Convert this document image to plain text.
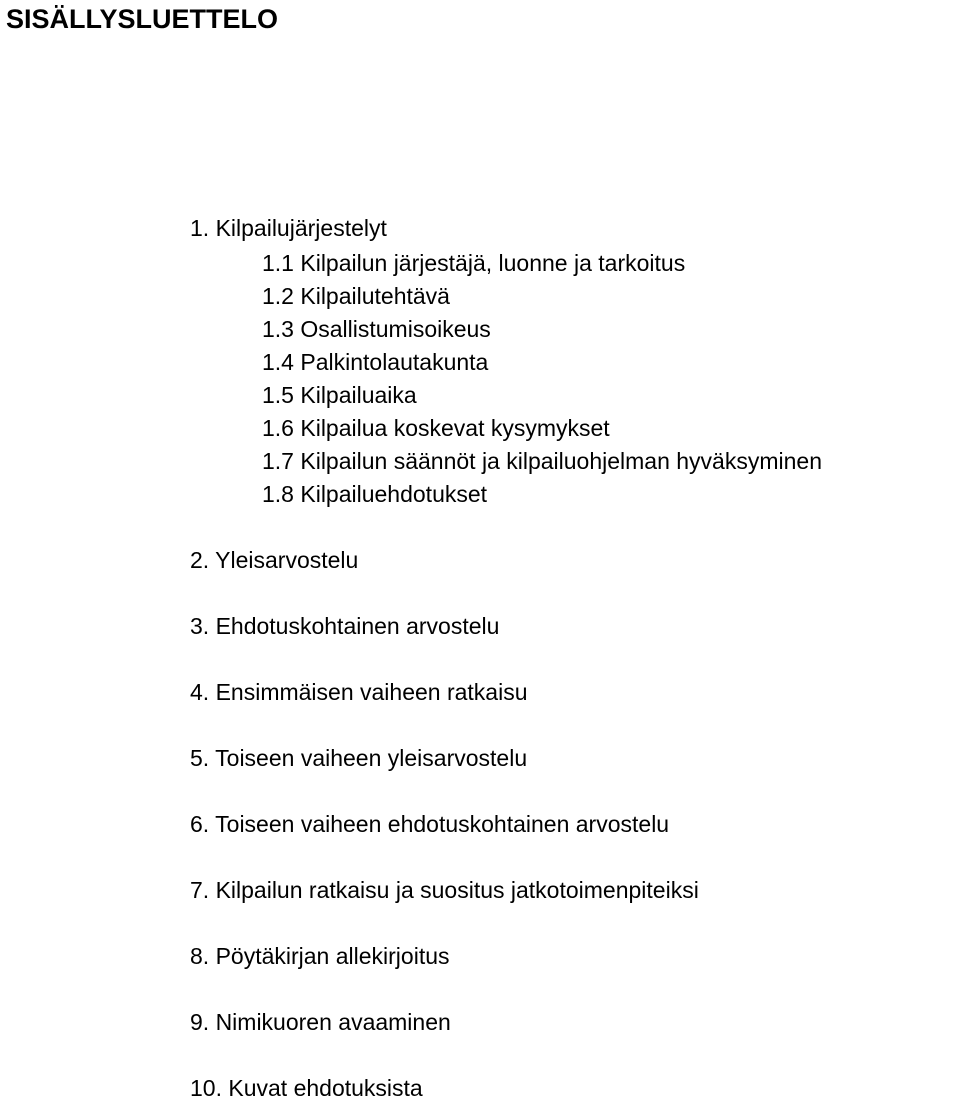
SISÄLLYSLUETTELO

1. Kilpailujärjestelyt

1.1 Kilpailun järjestäjä, luonne ja tarkoitus

1.2 Kilpailutehtävä

1.3 Osallistumisoikeus

1.4 Palkintolautakunta

1.5 Kilpailuaika

1.6 Kilpailua koskevat kysymykset

1.7 Kilpailun säännöt ja kilpailuohjelman hyväksyminen

1.8 Kilpailuehdotukset

2. Yleisarvostelu

3. Ehdotuskohtainen arvostelu

4. Ensimmäisen vaiheen ratkaisu

5. Toiseen vaiheen yleisarvostelu

6. Toiseen vaiheen ehdotuskohtainen arvostelu

7. Kilpailun ratkaisu ja suositus jatkotoimenpiteiksi

8. Pöytäkirjan allekirjoitus

9. Nimikuoren avaaminen

10. Kuvat ehdotuksista
